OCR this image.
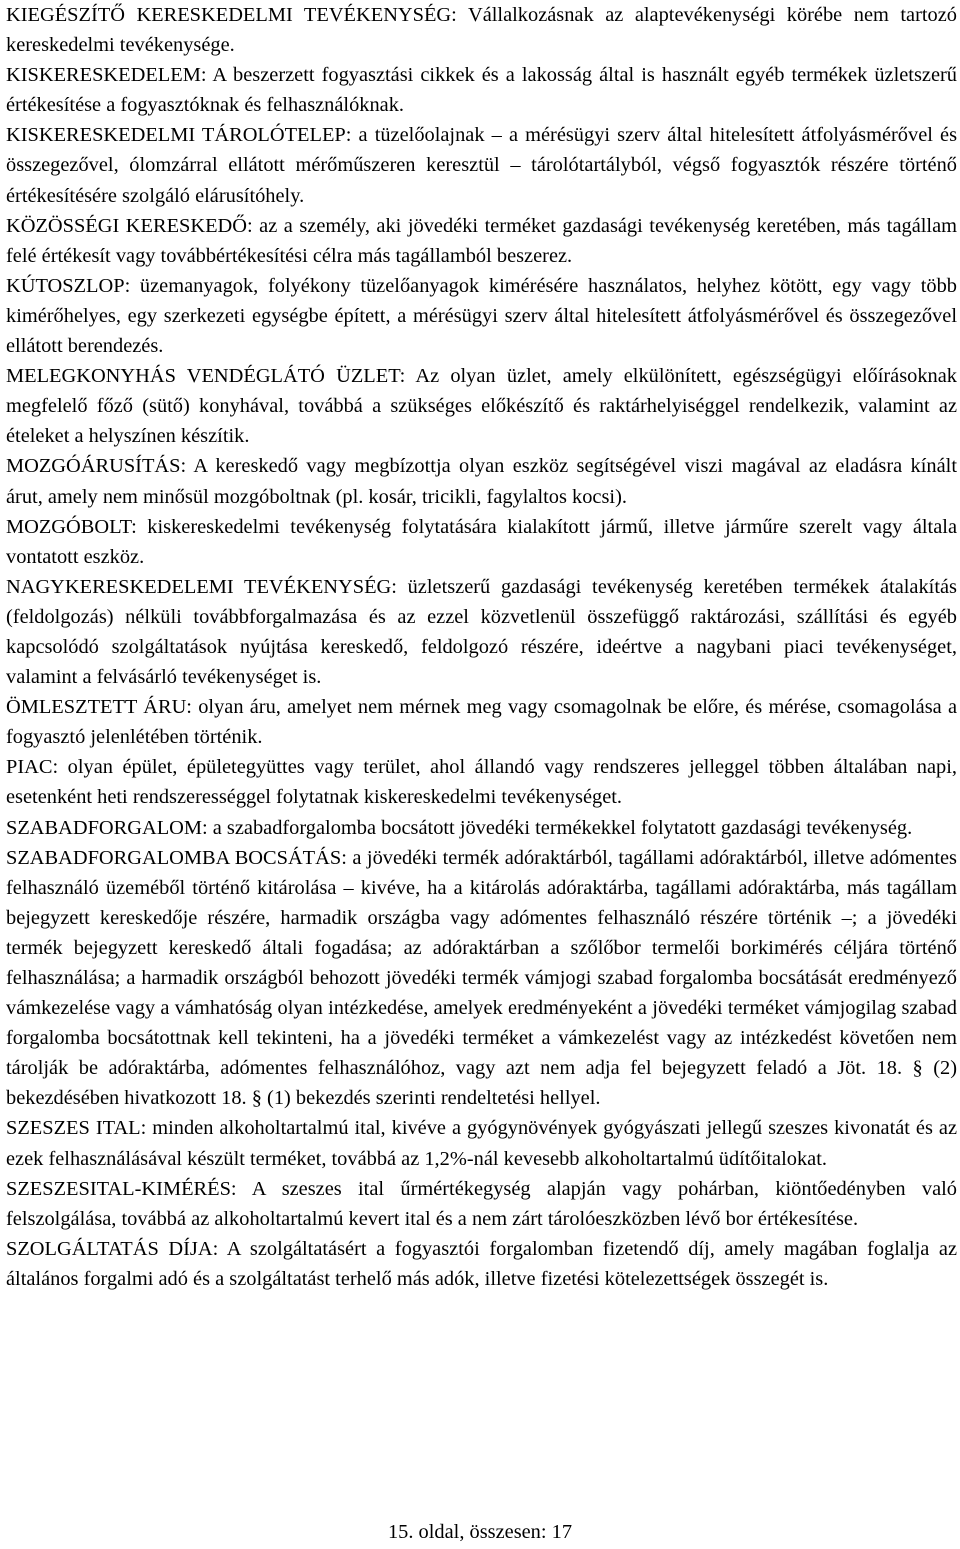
KIEGÉSZÍTŐ KERESKEDELMI TEVÉKENYSÉG: Vállalkozásnak az alaptevékenységi körébe nem tartozó kereskedelmi tevékenysége.

KISKERESKEDELEM: A beszerzett fogyasztási cikkek és a lakosság által is használt egyéb termékek üzletszerű értékesítése a fogyasztóknak és felhasználóknak.

KISKERESKEDELMI TÁROLÓTELEP: a tüzelőolajnak – a mérésügyi szerv által hitelesített átfolyásmérővel és összegezővel, ólomzárral ellátott mérőműszeren keresztül – tárolótartályból, végső fogyasztók részére történő értékesítésére szolgáló elárusítóhely.

KÖZÖSSÉGI KERESKEDŐ: az a személy, aki jövedéki terméket gazdasági tevékenység keretében, más tagállam felé értékesít vagy továbbértékesítési célra más tagállamból beszerez.

KÚTOSZLOP: üzemanyagok, folyékony tüzelőanyagok kimérésére használatos, helyhez kötött, egy vagy több kimérőhelyes, egy szerkezeti egységbe épített, a mérésügyi szerv által hitelesített átfolyásmérővel és összegezővel ellátott berendezés.

MELEGKONYHÁS VENDÉGLÁTÓ ÜZLET: Az olyan üzlet, amely elkülönített, egészségügyi előírásoknak megfelelő főző (sütő) konyhával, továbbá a szükséges előkészítő és raktárhelyiséggel rendelkezik, valamint az ételeket a helyszínen készítik.

MOZGÓÁRUSÍTÁS: A kereskedő vagy megbízottja olyan eszköz segítségével viszi magával az eladásra kínált árut, amely nem minősül mozgóboltnak (pl. kosár, tricikli, fagylaltos kocsi).

MOZGÓBOLT: kiskereskedelmi tevékenység folytatására kialakított jármű, illetve járműre szerelt vagy általa vontatott eszköz.

NAGYKERESKEDELEMI TEVÉKENYSÉG: üzletszerű gazdasági tevékenység keretében termékek átalakítás (feldolgozás) nélküli továbbforgalmazása és az ezzel közvetlenül összefüggő raktározási, szállítási és egyéb kapcsolódó szolgáltatások nyújtása kereskedő, feldolgozó részére, ideértve a nagybani piaci tevékenységet, valamint a felvásárló tevékenységet is.

ÖMLESZTETT ÁRU: olyan áru, amelyet nem mérnek meg vagy csomagolnak be előre, és mérése, csomagolása a fogyasztó jelenlétében történik.

PIAC: olyan épület, épületegyüttes vagy terület, ahol állandó vagy rendszeres jelleggel többen általában napi, esetenként heti rendszerességgel folytatnak kiskereskedelmi tevékenységet.

SZABADFORGALOM: a szabadforgalomba bocsátott jövedéki termékekkel folytatott gazdasági tevékenység.

SZABADFORGALOMBA BOCSÁTÁS: a jövedéki termék adóraktárból, tagállami adóraktárból, illetve adómentes felhasználó üzeméből történő kitárolása – kivéve, ha a kitárolás adóraktárba, tagállami adóraktárba, más tagállam bejegyzett kereskedője részére, harmadik országba vagy adómentes felhasználó részére történik –; a jövedéki termék bejegyzett kereskedő általi fogadása; az adóraktárban a szőlőbor termelői borkimérés céljára történő felhasználása; a harmadik országból behozott jövedéki termék vámjogi szabad forgalomba bocsátását eredményező vámkezelése vagy a vámhatóság olyan intézkedése, amelyek eredményeként a jövedéki terméket vámjogilag szabad forgalomba bocsátottnak kell tekinteni, ha a jövedéki terméket a vámkezelést vagy az intézkedést követően nem tárolják be adóraktárba, adómentes felhasználóhoz, vagy azt nem adja fel bejegyzett feladó a Jöt. 18. § (2) bekezdésében hivatkozott 18. § (1) bekezdés szerinti rendeltetési hellyel.

SZESZES ITAL: minden alkoholtartalmú ital, kivéve a gyógynövények gyógyászati jellegű szeszes kivonatát és az ezek felhasználásával készült terméket, továbbá az 1,2%-nál kevesebb alkoholtartalmú üdítőitalokat.

SZESZESITAL-KIMÉRÉS: A szeszes ital űrmértékegység alapján vagy pohárban, kiöntőedényben való felszolgálása, továbbá az alkoholtartalmú kevert ital és a nem zárt tárolóeszközben lévő bor értékesítése.

SZOLGÁLTATÁS DÍJA: A szolgáltatásért a fogyasztói forgalomban fizetendő díj, amely magában foglalja az általános forgalmi adó és a szolgáltatást terhelő más adók, illetve fizetési kötelezettségek összegét is.

15. oldal, összesen: 17
